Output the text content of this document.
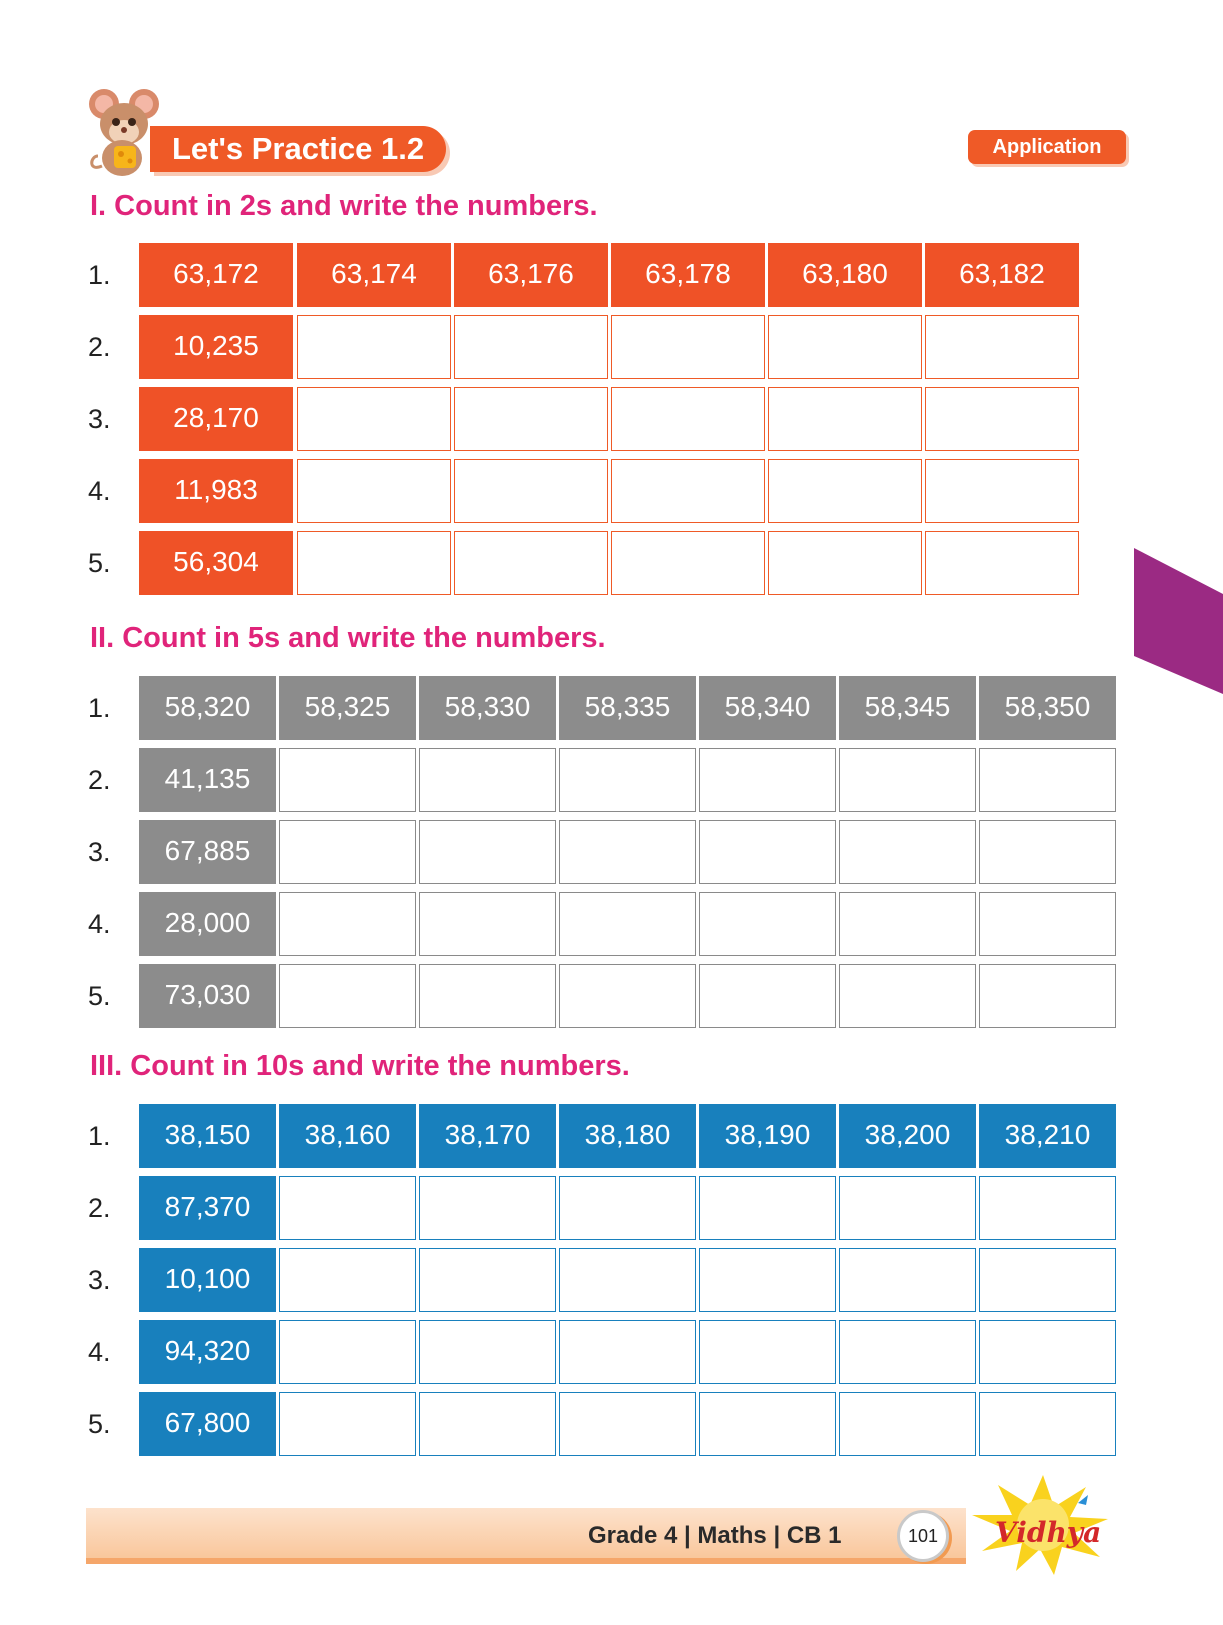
Let's Practice 1.2	Application
I. Count in 2s and write the numbers.
1.	63,172	63,174	63,176	63,178	63,180	63,182
2.	10,235
3.	28,170
4.	11,983
5.	56,304
II. Count in 5s and write the numbers.
1.	58,320	58,325	58,330	58,335	58,340	58,345	58,350
2.	41,135
3.	67,885
4.	28,000
5.	73,030
III. Count in 10s and write the numbers.
1.	38,150	38,160	38,170	38,180	38,190	38,200	38,210
2.	87,370
3.	10,100
4.	94,320
5.	67,800
Grade 4 | Maths | CB 1	101	Vidhya
